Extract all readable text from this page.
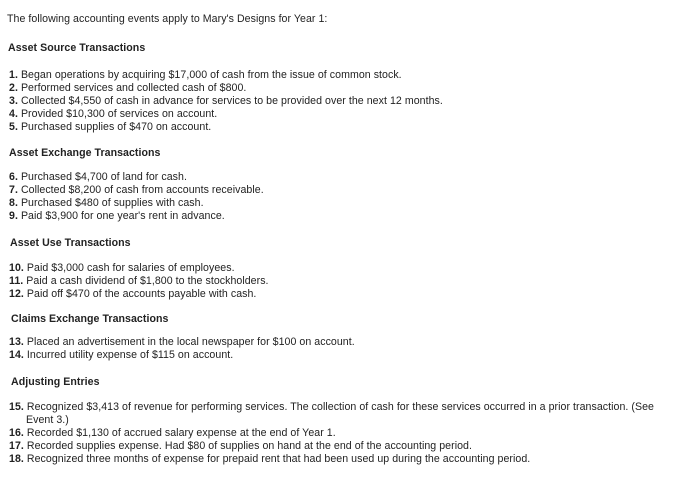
The following accounting events apply to Mary's Designs for Year 1:
Asset Source Transactions
1. Began operations by acquiring $17,000 of cash from the issue of common stock.
2. Performed services and collected cash of $800.
3. Collected $4,550 of cash in advance for services to be provided over the next 12 months.
4. Provided $10,300 of services on account.
5. Purchased supplies of $470 on account.
Asset Exchange Transactions
6. Purchased $4,700 of land for cash.
7. Collected $8,200 of cash from accounts receivable.
8. Purchased $480 of supplies with cash.
9. Paid $3,900 for one year's rent in advance.
Asset Use Transactions
10. Paid $3,000 cash for salaries of employees.
11. Paid a cash dividend of $1,800 to the stockholders.
12. Paid off $470 of the accounts payable with cash.
Claims Exchange Transactions
13. Placed an advertisement in the local newspaper for $100 on account.
14. Incurred utility expense of $115 on account.
Adjusting Entries
15. Recognized $3,413 of revenue for performing services. The collection of cash for these services occurred in a prior transaction. (See
Event 3.)
16. Recorded $1,130 of accrued salary expense at the end of Year 1.
17. Recorded supplies expense. Had $80 of supplies on hand at the end of the accounting period.
18. Recognized three months of expense for prepaid rent that had been used up during the accounting period.
